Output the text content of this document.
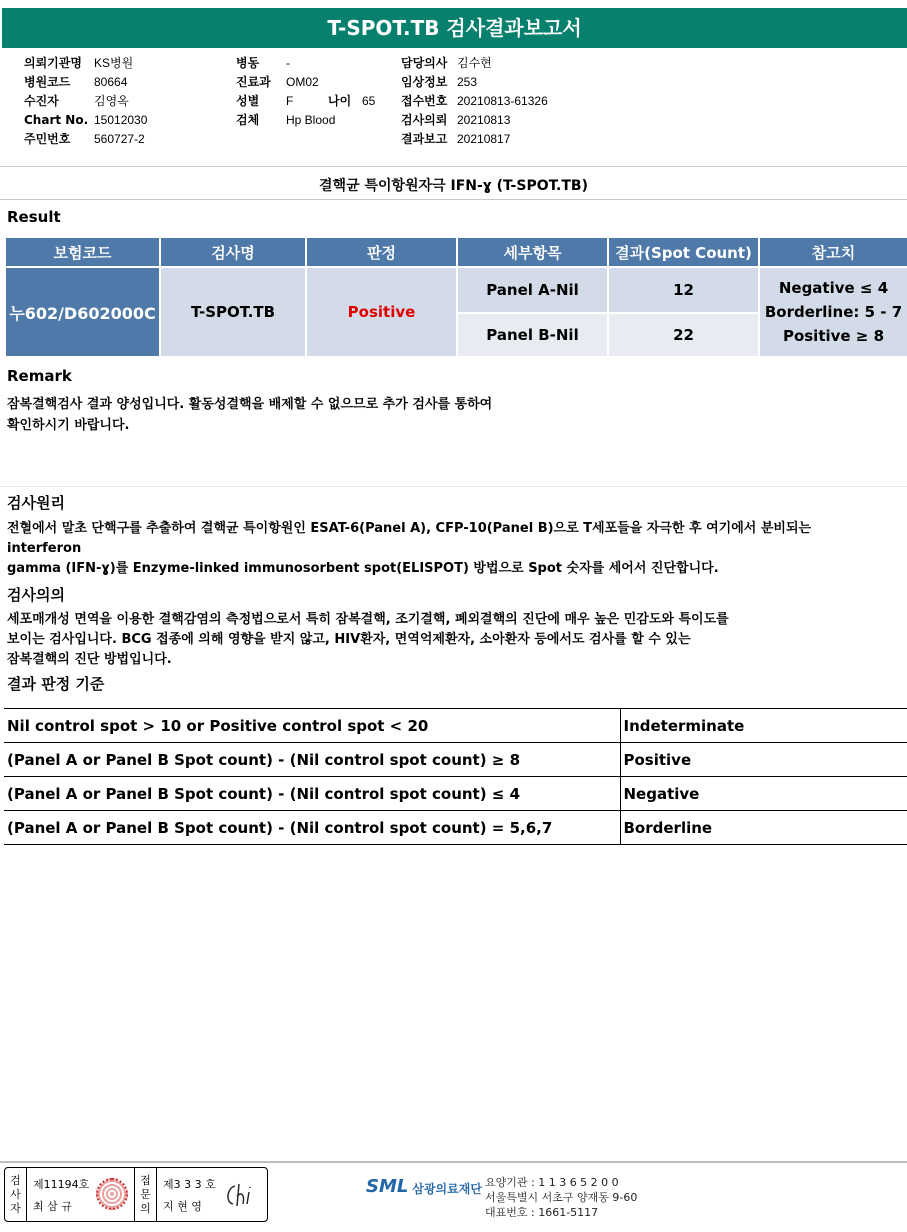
T-SPOT.TB 검사결과보고서
의뢰기관명	KS병원
병원코드	80664
수진자	김영옥
Chart No. 15012030
주민번호	560727-2
병동	-
진료과	OM02
성별	F	나이 65
검체	Hp Blood
담당의사 김수현
임상정보 253
접수번호 20210813-61326
검사의뢰 20210813
결과보고 20210817
결핵균 특이항원자극 IFN-ɣ (T-SPOT.TB)
Result
보험코드	검사명	판정	세부항목	결과(Spot Count)	참고치
누602/D602000C	T-SPOT.TB	Positive	Panel A-Nil	12	Negative ≤ 4
Borderline: 5 - 7
Positive ≥ 8

			Panel B-Nil	22	
Remark
잠복결핵검사 결과 양성입니다. 활동성결핵을 배제할 수 없으므로 추가 검사를 통하여
확인하시기 바랍니다.
검사원리
전혈에서 말초 단핵구를 추출하여 결핵균 특이항원인 ESAT-6(Panel A), CFP-10(Panel B)으로 T세포들을 자극한 후 여기에서 분비되는
interferon
gamma (IFN-ɣ)를 Enzyme-linked immunosorbent spot(ELISPOT) 방법으로 Spot 숫자를 세어서 진단합니다.
검사의의
세포매개성 면역을 이용한 결핵감염의 측정법으로서 특히 잠복결핵, 조기결핵, 폐외결핵의 진단에 매우 높은 민감도와 특이도를
보이는 검사입니다. BCG 접종에 의해 영향을 받지 않고, HIV환자, 면역억제환자, 소아환자 등에서도 검사를 할 수 있는
잠복결핵의 진단 방법입니다.
결과 판정 기준
Nil control spot > 10 or Positive control spot < 20	Indeterminate
(Panel A or Panel B Spot count) - (Nil control spot count) ≥ 8	Positive
(Panel A or Panel B Spot count) - (Nil control spot count) ≤ 4	Negative
(Panel A or Panel B Spot count) - (Nil control spot count) = 5,6,7	Borderline
검
사
자
제11194호
최 삼 규
접
문
의
제3 3 3 호
지 현 영
SML 삼광의료재단 요양기관 : 1 1 3 6 5 2 0 0
서울특별시 서초구 양재동 9-60
대표번호 : 1661-5117
